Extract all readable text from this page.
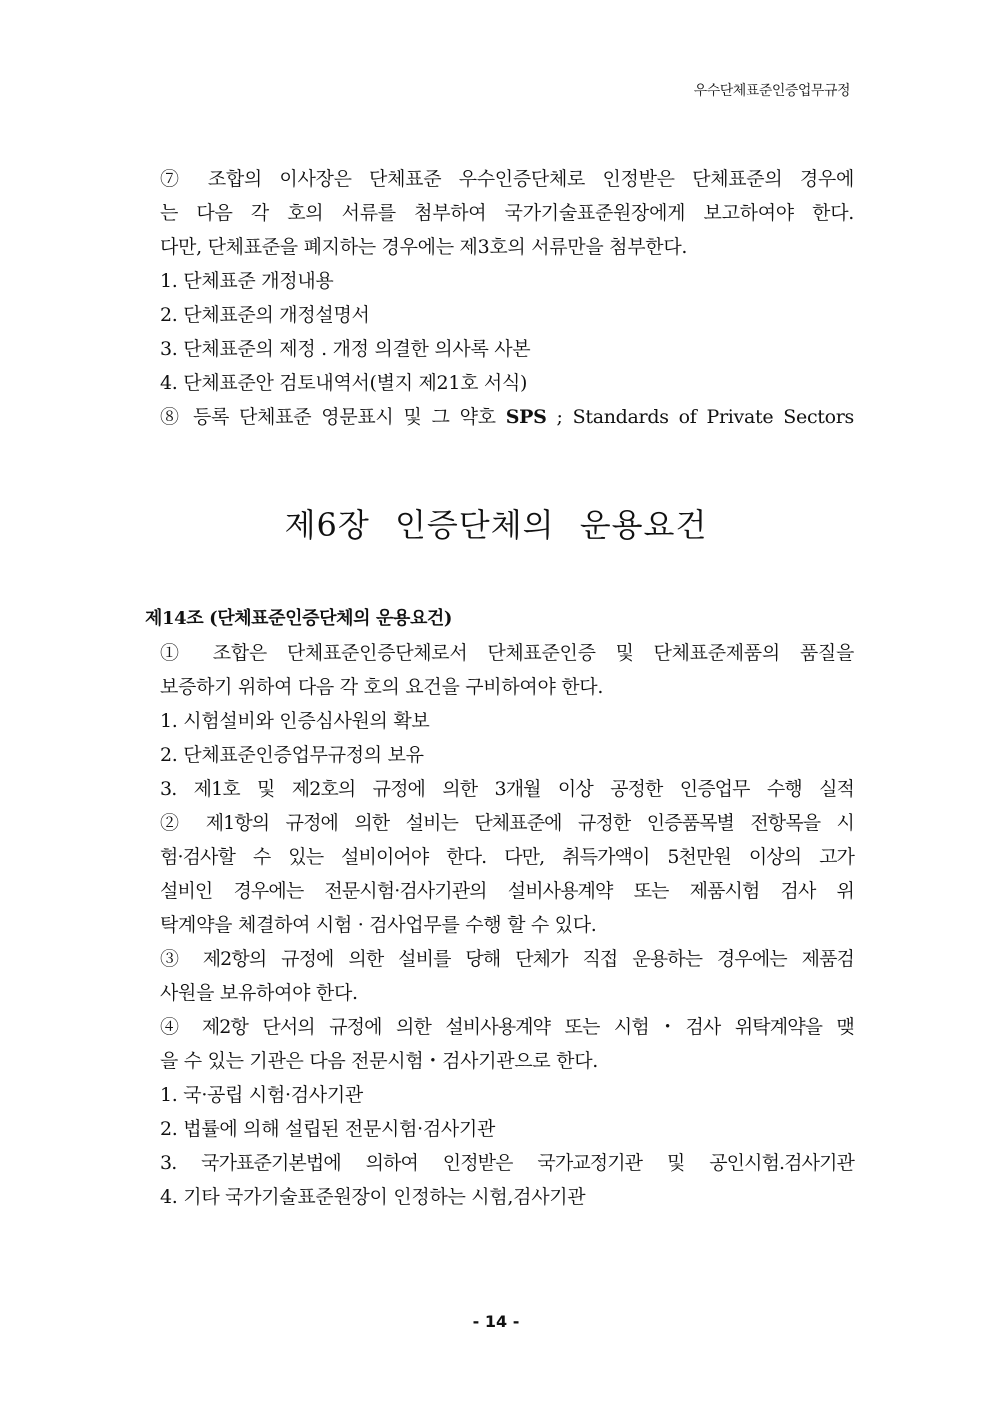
우수단체표준인증업무규정
⑦ 조합의 이사장은 단체표준 우수인증단체로 인정받은 단체표준의 경우에
는 다음 각 호의 서류를 첨부하여 국가기술표준원장에게 보고하여야 한다.
다만, 단체표준을 폐지하는 경우에는 제3호의 서류만을 첨부한다.
1. 단체표준 개정내용
2. 단체표준의 개정설명서
3. 단체표준의 제정 . 개정 의결한 의사록 사본
4. 단체표준안 검토내역서(별지 제21호 서식)
⑧ 등록 단체표준 영문표시 및 그 약호 SPS ; Standards of Private Sectors
제6장 인증단체의 운용요건
제14조 (단체표준인증단체의 운용요건)
① 조합은 단체표준인증단체로서 단체표준인증 및 단체표준제품의 품질을
보증하기 위하여 다음 각 호의 요건을 구비하여야 한다.
1. 시험설비와 인증심사원의 확보
2. 단체표준인증업무규정의 보유
3. 제1호 및 제2호의 규정에 의한 3개월 이상 공정한 인증업무 수행 실적
② 제1항의 규정에 의한 설비는 단체표준에 규정한 인증품목별 전항목을 시
험·검사할 수 있는 설비이어야 한다. 다만, 취득가액이 5천만원 이상의 고가
설비인 경우에는 전문시험·검사기관의 설비사용계약 또는 제품시험 검사 위
탁계약을 체결하여 시험 · 검사업무를 수행 할 수 있다.
③ 제2항의 규정에 의한 설비를 당해 단체가 직접 운용하는 경우에는 제품검
사원을 보유하여야 한다.
④ 제2항 단서의 규정에 의한 설비사용계약 또는 시험・검사 위탁계약을 맺
을 수 있는 기관은 다음 전문시험・검사기관으로 한다.
1. 국·공립 시험·검사기관
2. 법률에 의해 설립된 전문시험·검사기관
3. 국가표준기본법에 의하여 인정받은 국가교정기관 및 공인시험.검사기관
4. 기타 국가기술표준원장이 인정하는 시험,검사기관
- 14 -
